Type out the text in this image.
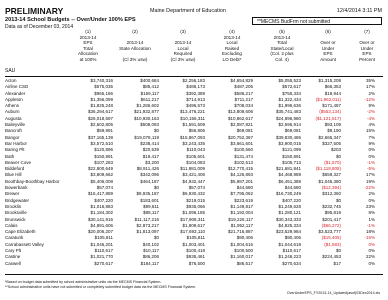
PRELIMINARY	Maine Department of Education	12/4/2014 3:11 PM
2013-14 School Budgets -- Over/Under 100% EPS
Data as of December 03, 2014
**MECMS BudFrm not submitted
(1)
2013-14
EPS
Total
Allocation
at 100%
(2)

2013-14
State Allocation

(Cl 3% usw)
(3)

2013-14
Local
Required
(Cl 3% usw)
(4)
2013-14
Local
Raised
Excluding
LO Debt*
(5)
2013-14
Total
State/Local
(Col. 2 plus
Col. 4)
(6)

Over or
Under
EPS
Amount
(7)

Over or
Under
EPS
Percent
SAU
Acton	$3,740,316	$400,684	$2,256,183	$4,654,829	$5,055,523	$1,315,208	35%
Airline CSD	$575,035	$85,412	$486,173	$487,205	$572,617	$66,353	17%
Alexander	$965,186	$169,117	$392,389	$586,217	$755,334	$19,944	2%
Appleton	$1,356,099	$611,217	$714,913	$711,217	$1,322,434	($1,962,011)	-12%
Athens	$1,825,248	$1,286,602	$496,573	$708,034	$1,996,636	$171,487	9%
Auburn	$36,294,617	$21,932,877	$13,476,221	$13,808,606	$35,741,483	($553,134)	-2%
Augusta	$26,018,597	$10,930,163	$10,156,311	$10,862,617	$24,896,980	($1,121,617)	-4%
Baileyville	$2,502,805	$508,093	$1,591,509	$2,087,821	$2,595,914	$93,109	4%
Bancroft	$59,891	$0	$56,806	$69,081	$69,081	$9,190	15%
Bangor	$37,165,139	$19,078,119	$15,867,093	$20,752,367	$39,830,486	$2,665,347	7%
Bar Harbor	$3,572,510	$238,414	$3,243,435	$3,661,601	$3,900,015	$327,505	9%
Baring Plt	$120,896	$20,539	$110,043	$100,560	$121,099	$203	0%
Bath	$150,891	$19,417	$105,601	$131,474	$150,891	$0	0%
Beaver Cove	$107,283	$3,200	$104,083	$102,513	$105,713	($1,570)	-1%
Biddeford	$22,800,649	$8,911,426	$11,981,009	$12,770,415	$21,681,841	($1,118,808)	-5%
Blue Hill	$3,809,662	$342,096	$3,421,406	$4,126,893	$4,468,989	$659,327	17%
Boothbay-Boothbay Harbor	$5,406,008	$464,187	$4,932,447	$5,987,201	$6,451,388	$1,045,380	19%
Bowerbank	$57,074	$0	$57,074	$44,680	$44,680	($12,394)	-22%
Brewer	$16,417,889	$8,935,187	$6,930,432	$7,795,062	$16,730,249	$312,360	2%
Bridgewater	$407,220	$183,601	$219,015	$223,619	$407,220	$0	0%
Brooklin	$1,016,883	$99,811	$935,066	$1,149,817	$1,249,628	$232,745	23%
Brooksville	$1,184,302	$88,117	$1,096,185	$1,192,004	$1,280,121	$95,819	8%
Brunswick	$30,141,916	$11,117,216	$17,908,311	$19,226,117	$30,343,333	$201,417	1%
Calais	$4,891,606	$2,873,217	$1,809,617	$1,952,117	$4,825,334	($66,272)	-1%
Cape Elizabeth	$20,006,207	$1,813,097	$17,693,110	$21,716,887	$23,529,984	$3,523,777	18%
Caratunk	$105,811	$0	$105,811	$90,406	$90,406	($15,405)	-15%
Carrabassett Valley	$1,046,201	$40,102	$1,003,401	$1,004,516	$1,044,618	($1,583)	0%
Cary Plt	$110,617	$10,117	$100,418	$100,500	$110,617	$0	0%
Castine	$1,021,770	$86,206	$935,461	$1,160,017	$1,246,223	$224,453	22%
Caswell	$270,617	$184,117	$76,500	$86,517	$270,634	$17	0%
*Based on budget data submitted by school administrative units via the MECMS Financial System.
**School administrative units have not submitted or completely submitted budget data via the MECMS Financial System.
OverUnderEPS_FY2013-14_Updated(asof)03Dec2014.xls
